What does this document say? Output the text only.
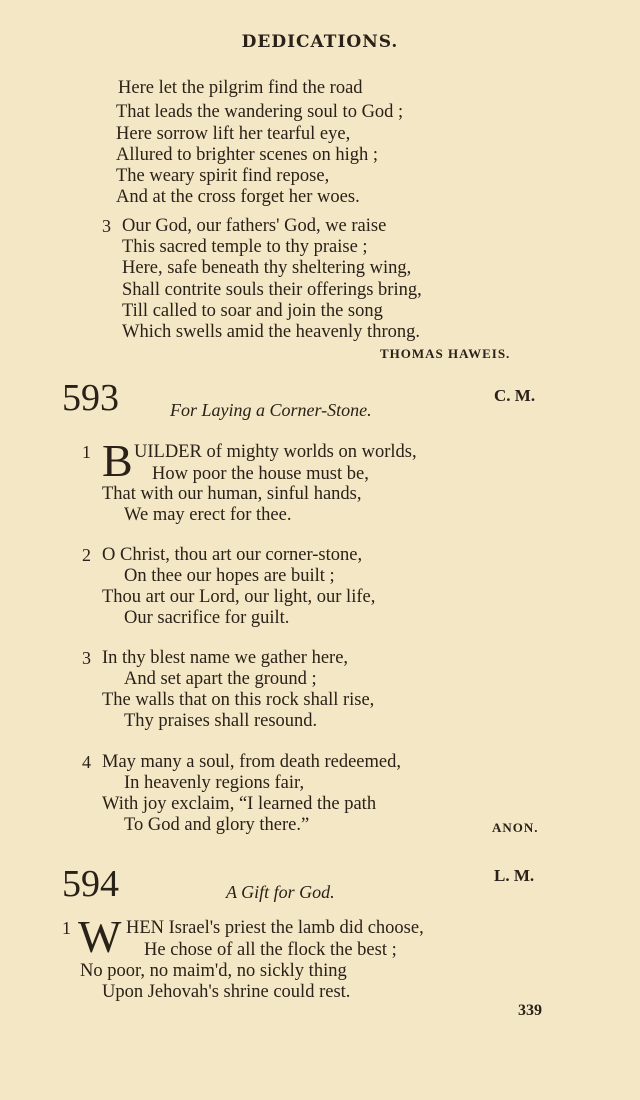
DEDICATIONS.
Here let the pilgrim find the road
That leads the wandering soul to God ;
Here sorrow lift her tearful eye,
Allured to brighter scenes on high ;
The weary spirit find repose,
And at the cross forget her woes.
3 Our God, our fathers' God, we raise
This sacred temple to thy praise ;
Here, safe beneath thy sheltering wing,
Shall contrite souls their offerings bring,
Till called to soar and join the song
Which swells amid the heavenly throng.
THOMAS HAWEIS.
593	C. M.
For Laying a Corner-Stone.
1 B UILDER of mighty worlds on worlds,
How poor the house must be,
That with our human, sinful hands,
We may erect for thee.
2 O Christ, thou art our corner-stone,
On thee our hopes are built ;
Thou art our Lord, our light, our life,
Our sacrifice for guilt.
3 In thy blest name we gather here,
And set apart the ground ;
The walls that on this rock shall rise,
Thy praises shall resound.
4 May many a soul, from death redeemed,
In heavenly regions fair,
With joy exclaim, “I learned the path
To God and glory there.”	ANON.
594	L. M.
A Gift for God.
1 W HEN Israel's priest the lamb did choose,
He chose of all the flock the best ;
No poor, no maim'd, no sickly thing
Upon Jehovah's shrine could rest.
339
